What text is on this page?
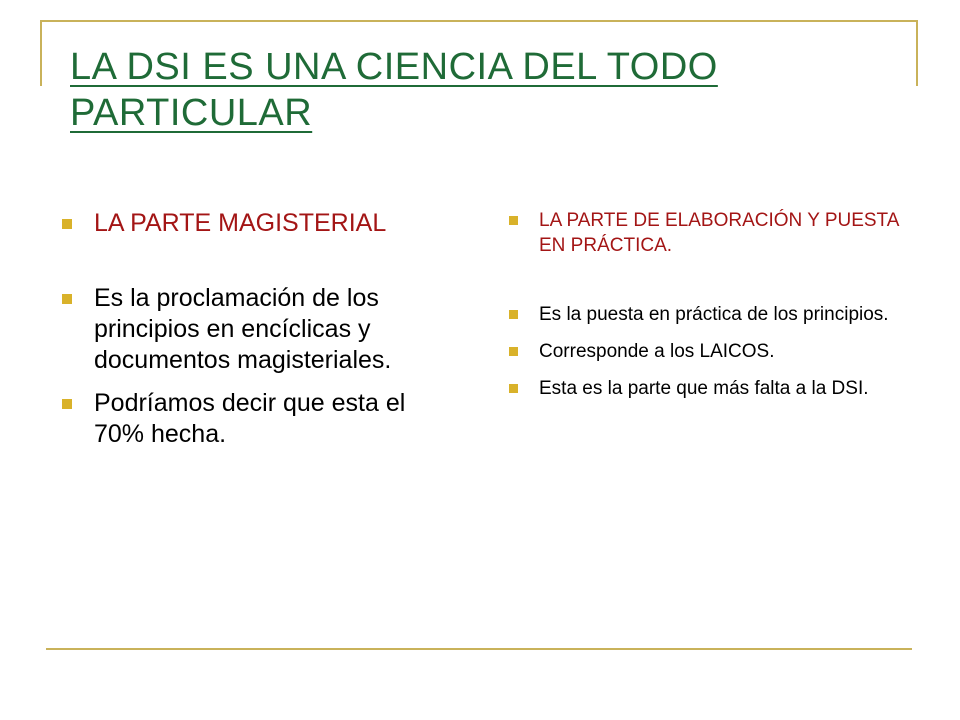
LA DSI ES UNA CIENCIA DEL TODO PARTICULAR
LA PARTE MAGISTERIAL
Es la proclamación de los principios en encíclicas y documentos magisteriales.
Podríamos decir que esta el 70% hecha.
LA PARTE DE ELABORACIÓN Y PUESTA EN PRÁCTICA.
Es la puesta en práctica de los principios.
Corresponde a los LAICOS.
Esta es la parte que más falta a la DSI.
